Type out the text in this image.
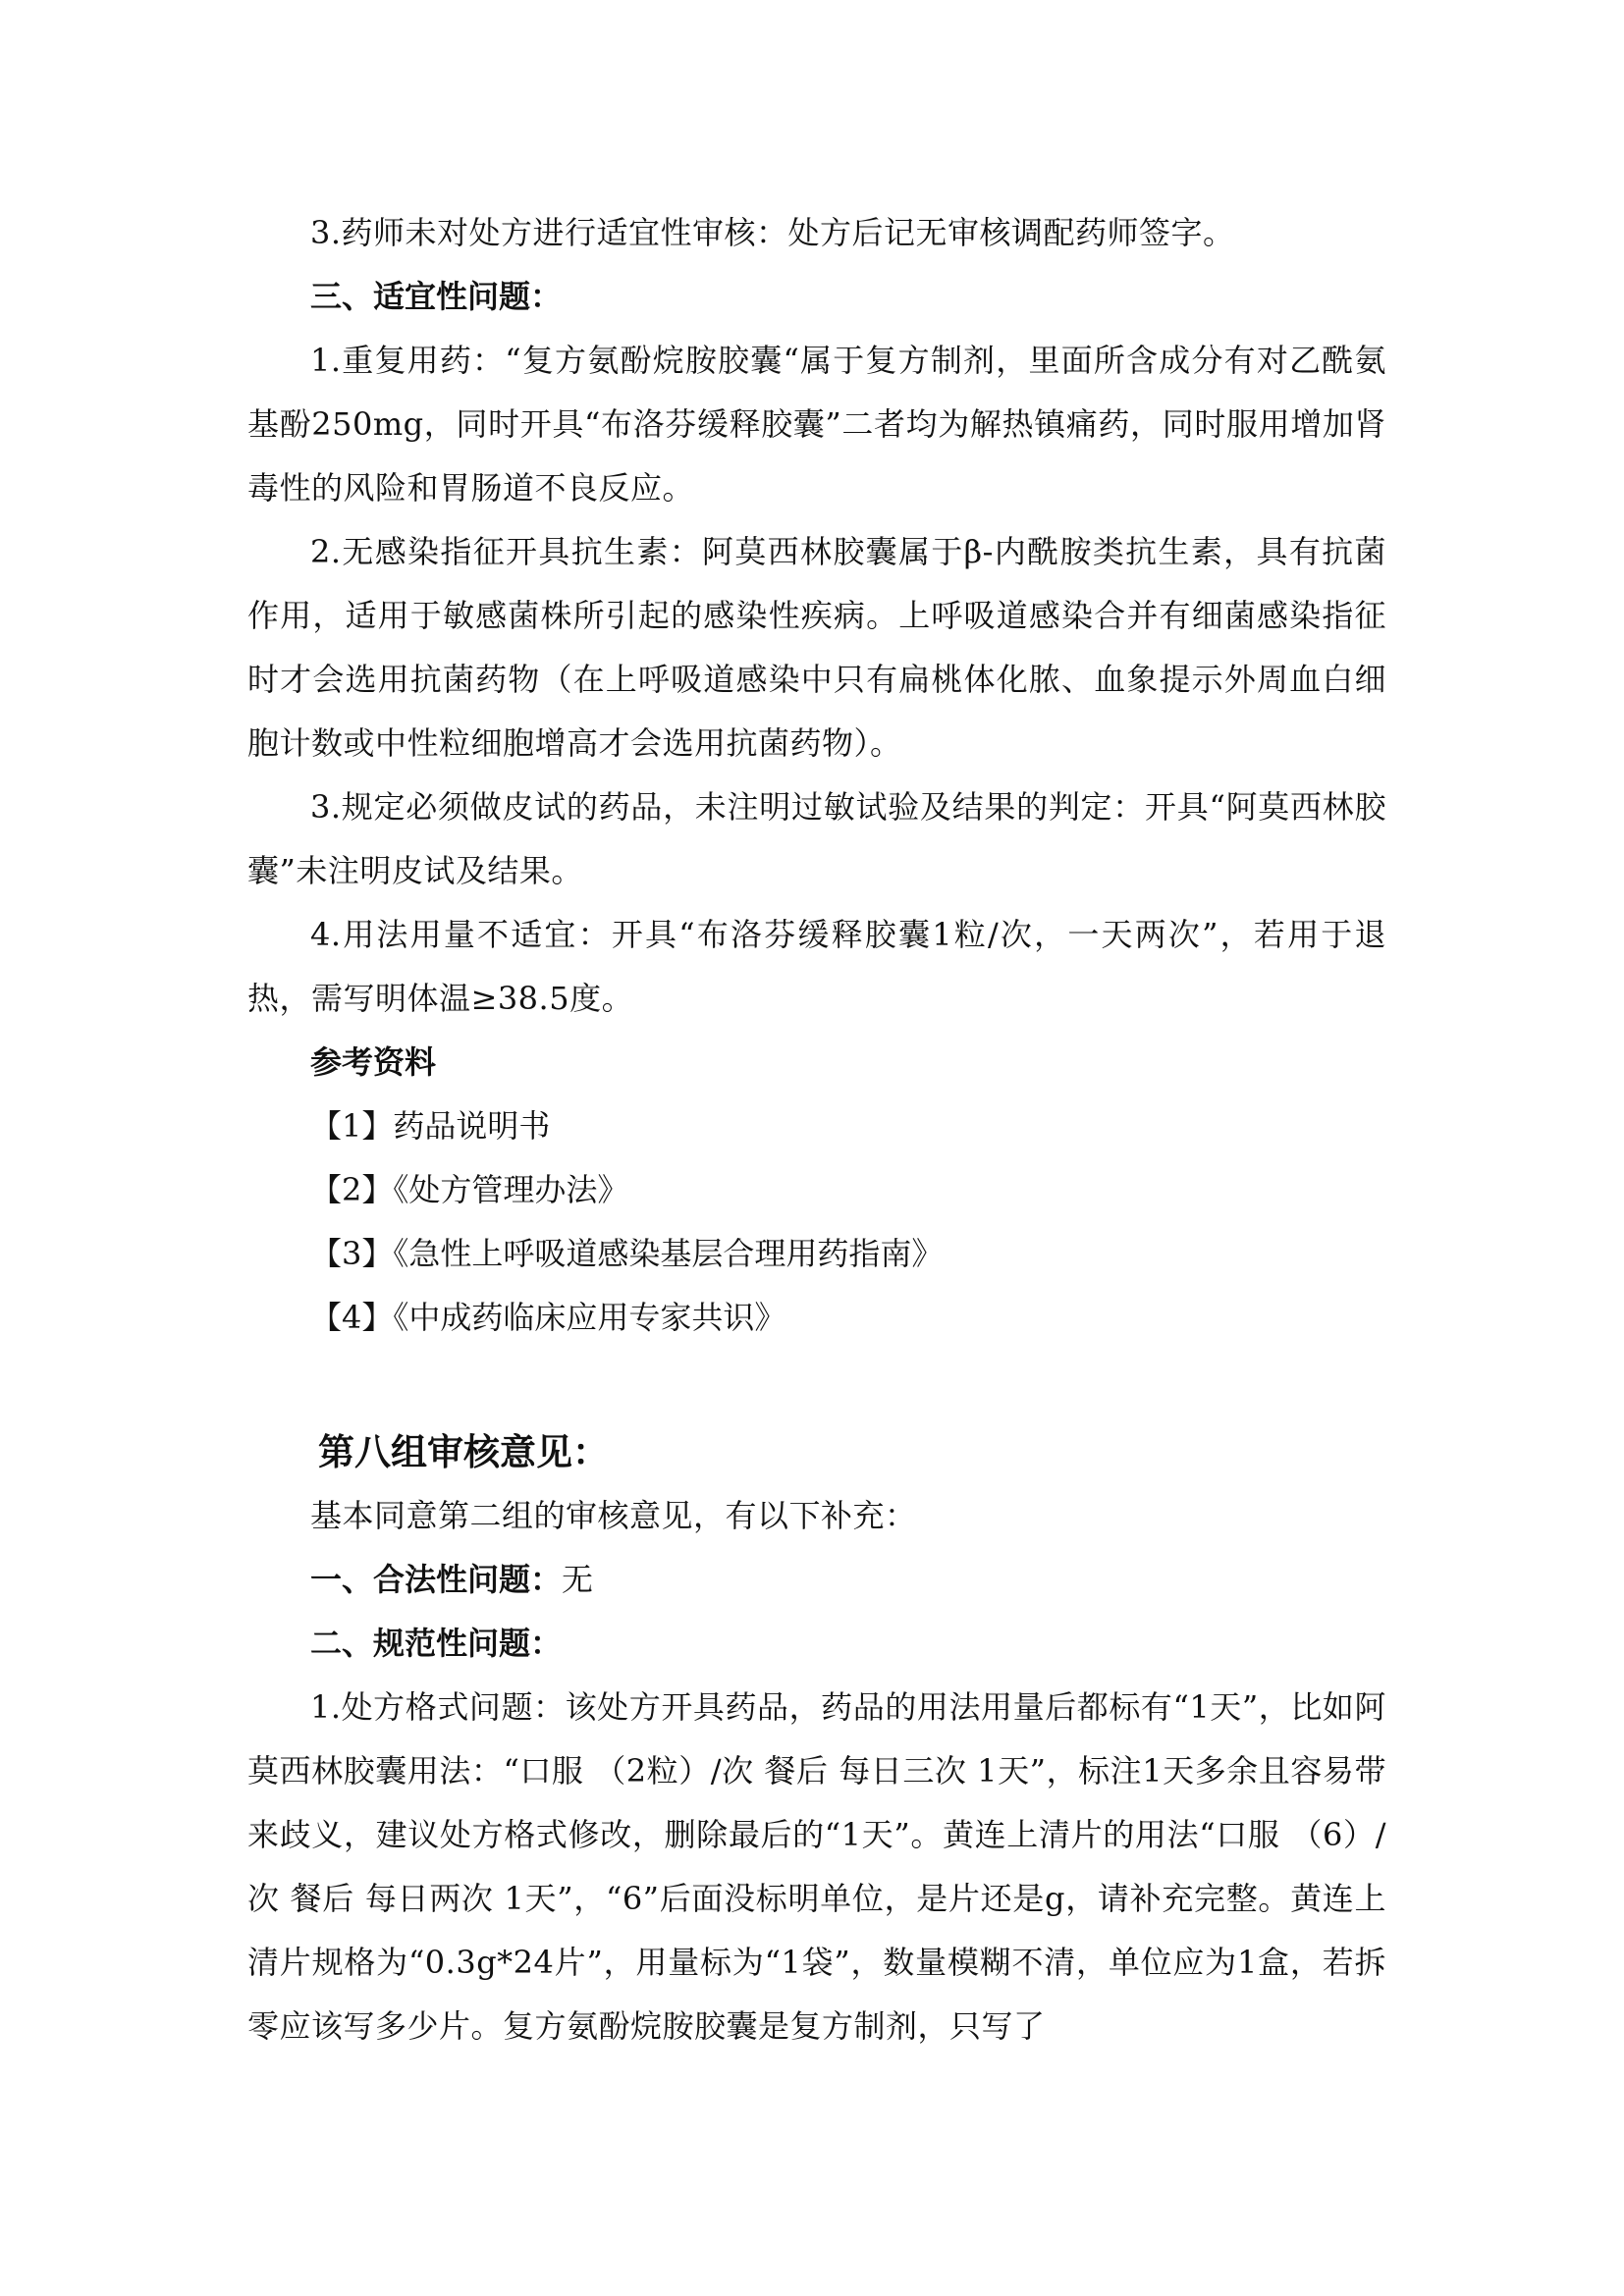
3.药师未对处方进行适宜性审核：处方后记无审核调配药师签字。

三、适宜性问题：

1.重复用药：“复方氨酚烷胺胶囊“属于复方制剂，里面所含成分有对乙酰氨基酚250mg，同时开具“布洛芬缓释胶囊”二者均为解热镇痛药，同时服用增加肾毒性的风险和胃肠道不良反应。

2.无感染指征开具抗生素：阿莫西林胶囊属于β-内酰胺类抗生素，具有抗菌作用，适用于敏感菌株所引起的感染性疾病。上呼吸道感染合并有细菌感染指征时才会选用抗菌药物（在上呼吸道感染中只有扁桃体化脓、血象提示外周血白细胞计数或中性粒细胞增高才会选用抗菌药物）。

3.规定必须做皮试的药品，未注明过敏试验及结果的判定：开具“阿莫西林胶囊”未注明皮试及结果。

4.用法用量不适宜：开具“布洛芬缓释胶囊1粒/次，一天两次”，若用于退热，需写明体温≥38.5度。

参考资料

【1】药品说明书

【2】《处方管理办法》

【3】《急性上呼吸道感染基层合理用药指南》

【4】《中成药临床应用专家共识》

第八组审核意见：

基本同意第二组的审核意见，有以下补充：

一、合法性问题：无

二、规范性问题：

1.处方格式问题：该处方开具药品，药品的用法用量后都标有“1天”，比如阿莫西林胶囊用法：“口服 （2粒）/次 餐后 每日三次 1天”，标注1天多余且容易带来歧义，建议处方格式修改，删除最后的“1天”。黄连上清片的用法“口服 （6）/次 餐后 每日两次 1天”，“6”后面没标明单位，是片还是g，请补充完整。黄连上清片规格为“0.3g*24片”，用量标为“1袋”，数量模糊不清，单位应为1盒，若拆零应该写多少片。复方氨酚烷胺胶囊是复方制剂，只写了
